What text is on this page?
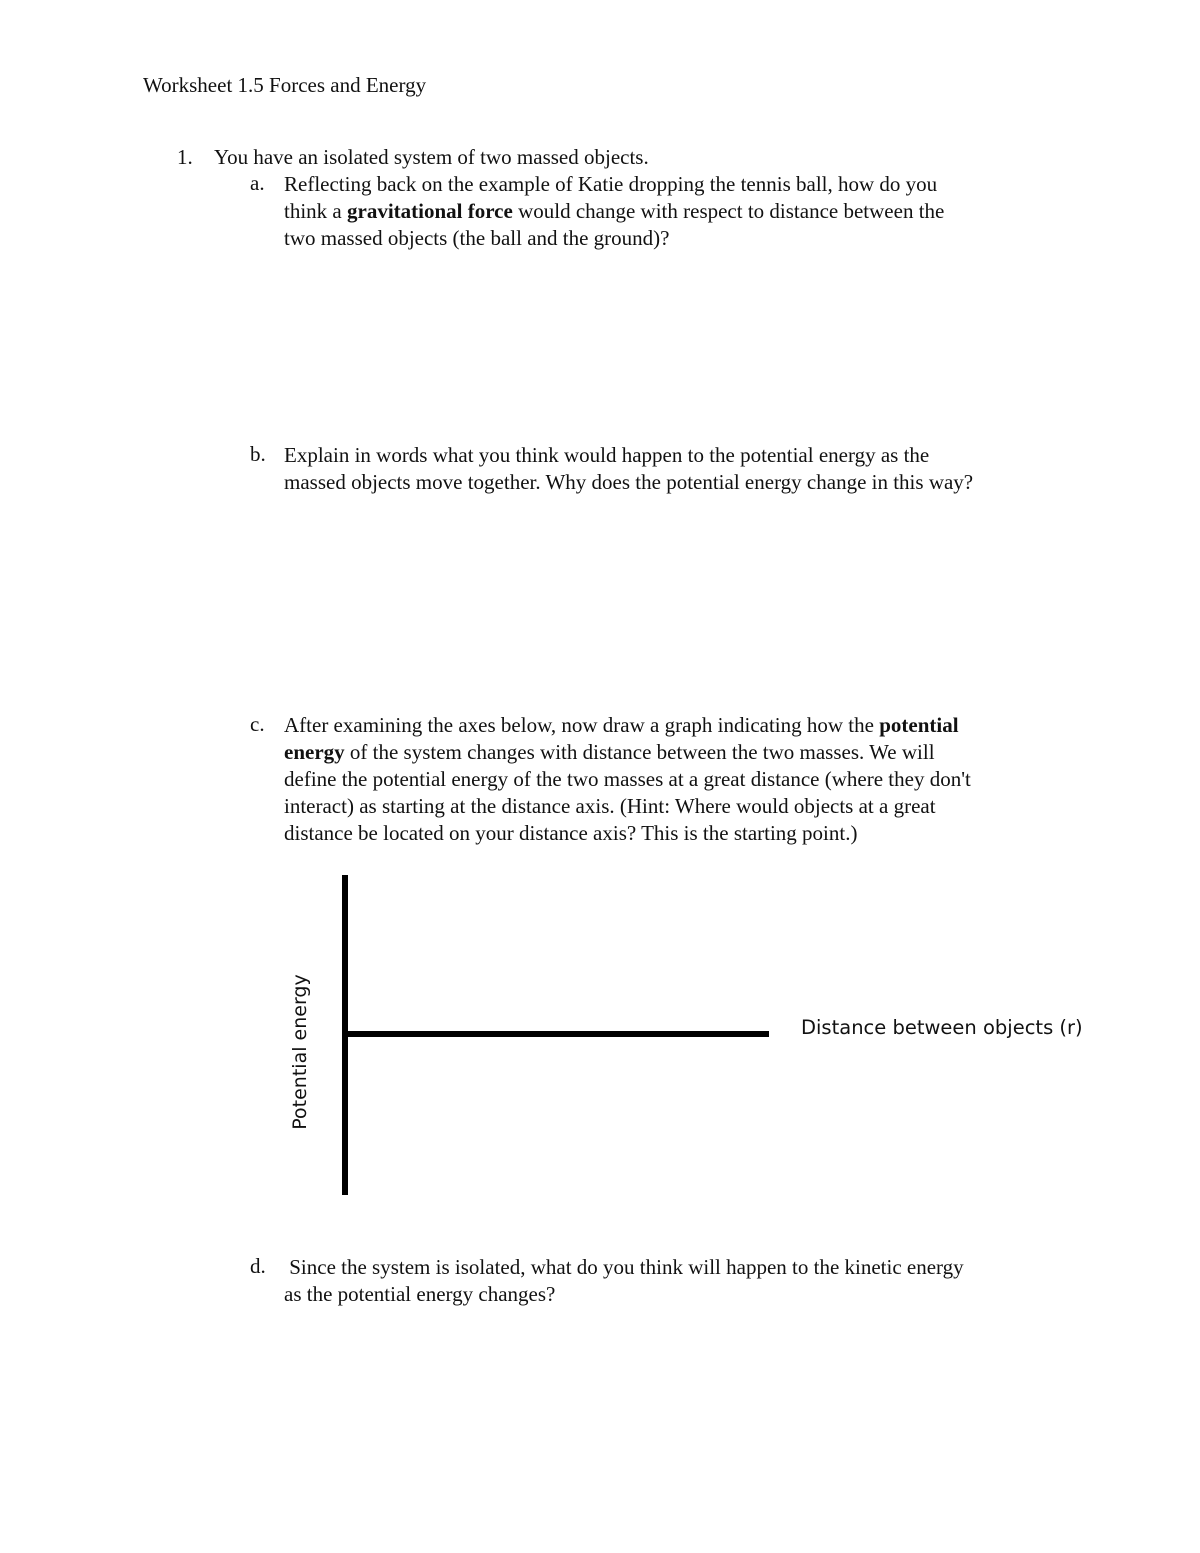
Worksheet 1.5 Forces and Energy
1. You have an isolated system of two massed objects.
a. Reflecting back on the example of Katie dropping the tennis ball, how do you
think a gravitational force would change with respect to distance between the
two massed objects (the ball and the ground)?
b. Explain in words what you think would happen to the potential energy as the
massed objects move together. Why does the potential energy change in this way?
c. After examining the axes below, now draw a graph indicating how the potential
energy of the system changes with distance between the two masses. We will
define the potential energy of the two masses at a great distance (where they don't
interact) as starting at the distance axis. (Hint: Where would objects at a great
distance be located on your distance axis? This is the starting point.)
Potential energy	Distance between objects (r)
d. Since the system is isolated, what do you think will happen to the kinetic energy
as the potential energy changes?
